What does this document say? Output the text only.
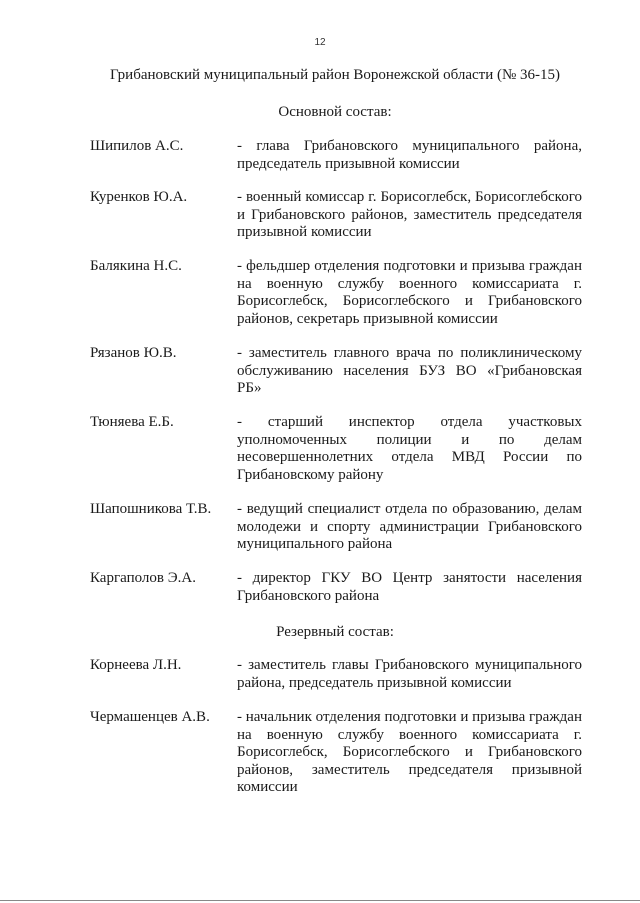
12
Грибановский муниципальный район Воронежской области (№ 36-15)
Основной состав:
Шипилов А.С.	- глава Грибановского муниципального района, председатель призывной комиссии
Куренков Ю.А.	- военный комиссар г. Борисоглебск, Борисоглебского и Грибановского районов, заместитель председателя призывной комиссии
Балякина Н.С.	- фельдшер отделения подготовки и призыва граждан на военную службу военного комиссариата г. Борисоглебск, Борисоглебского и Грибановского районов, секретарь призывной комиссии
Рязанов Ю.В.	- заместитель главного врача по поликлиническому обслуживанию населения БУЗ ВО «Грибановская РБ»
Тюняева Е.Б.	- старший инспектор отдела участковых уполномоченных полиции и по делам несовершеннолетних отдела МВД России по Грибановскому району
Шапошникова Т.В.	- ведущий специалист отдела по образованию, делам молодежи и спорту администрации Грибановского муниципального района
Каргаполов Э.А.	- директор ГКУ ВО Центр занятости населения Грибановского района
Резервный состав:
Корнеева Л.Н.	- заместитель главы Грибановского муниципального района, председатель призывной комиссии
Чермашенцев А.В.	- начальник отделения подготовки и призыва граждан на военную службу военного комиссариата г. Борисоглебск, Борисоглебского и Грибановского районов, заместитель председателя призывной комиссии
